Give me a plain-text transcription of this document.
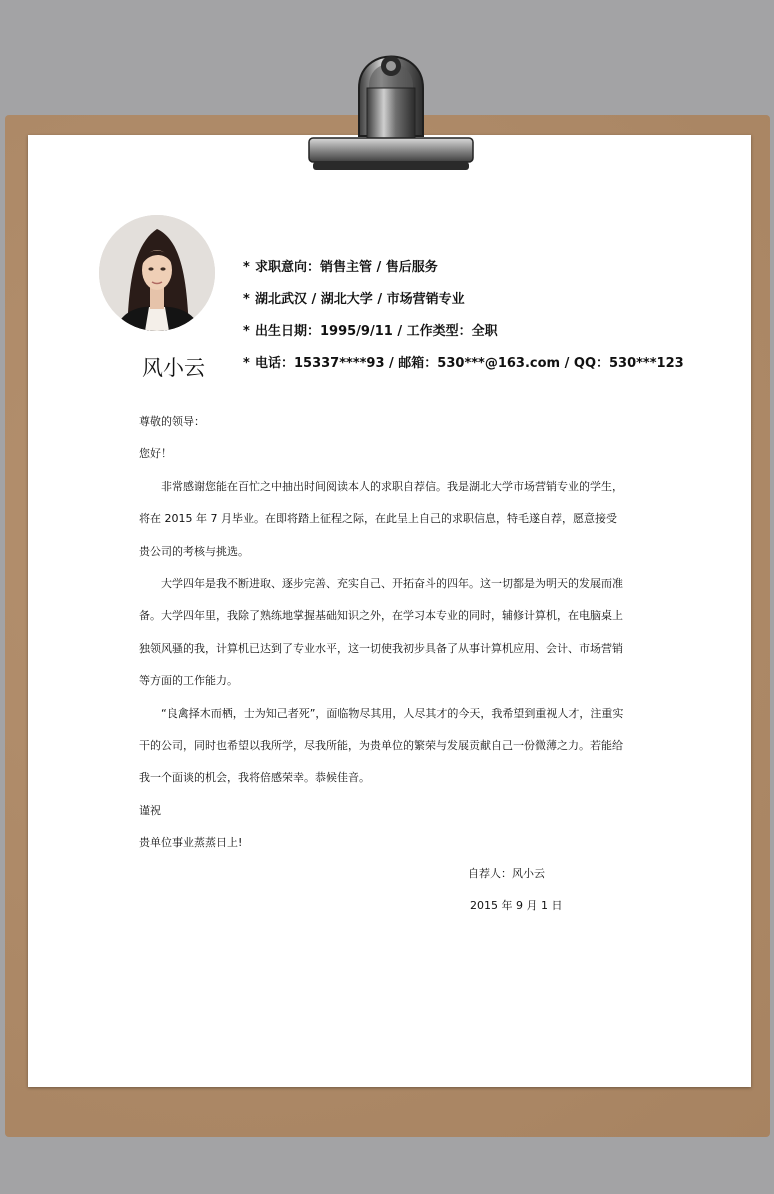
风小云
* 求职意向：销售主管 / 售后服务
* 湖北武汉 / 湖北大学 / 市场营销专业
* 出生日期：1995/9/11 / 工作类型：全职
* 电话：15337****93 / 邮箱：530***@163.com / QQ：530***123

尊敬的领导：

您好！

非常感谢您能在百忙之中抽出时间阅读本人的求职自荐信。我是湖北大学市场营销专业的学生，将在 2015 年 7 月毕业。在即将踏上征程之际，在此呈上自己的求职信息，特毛遂自荐，愿意接受贵公司的考核与挑选。

大学四年是我不断进取、逐步完善、充实自己、开拓奋斗的四年。这一切都是为明天的发展而准备。大学四年里，我除了熟练地掌握基础知识之外，在学习本专业的同时，辅修计算机，在电脑桌上独领风骚的我，计算机已达到了专业水平，这一切使我初步具备了从事计算机应用、会计、市场营销等方面的工作能力。

“良禽择木而栖，士为知己者死”，面临物尽其用，人尽其才的今天，我希望到重视人才，注重实干的公司，同时也希望以我所学，尽我所能，为贵单位的繁荣与发展贡献自己一份微薄之力。若能给我一个面谈的机会，我将倍感荣幸。恭候佳音。

谨祝

贵单位事业蒸蒸日上!

自荐人：风小云
2015 年 9 月 1 日
